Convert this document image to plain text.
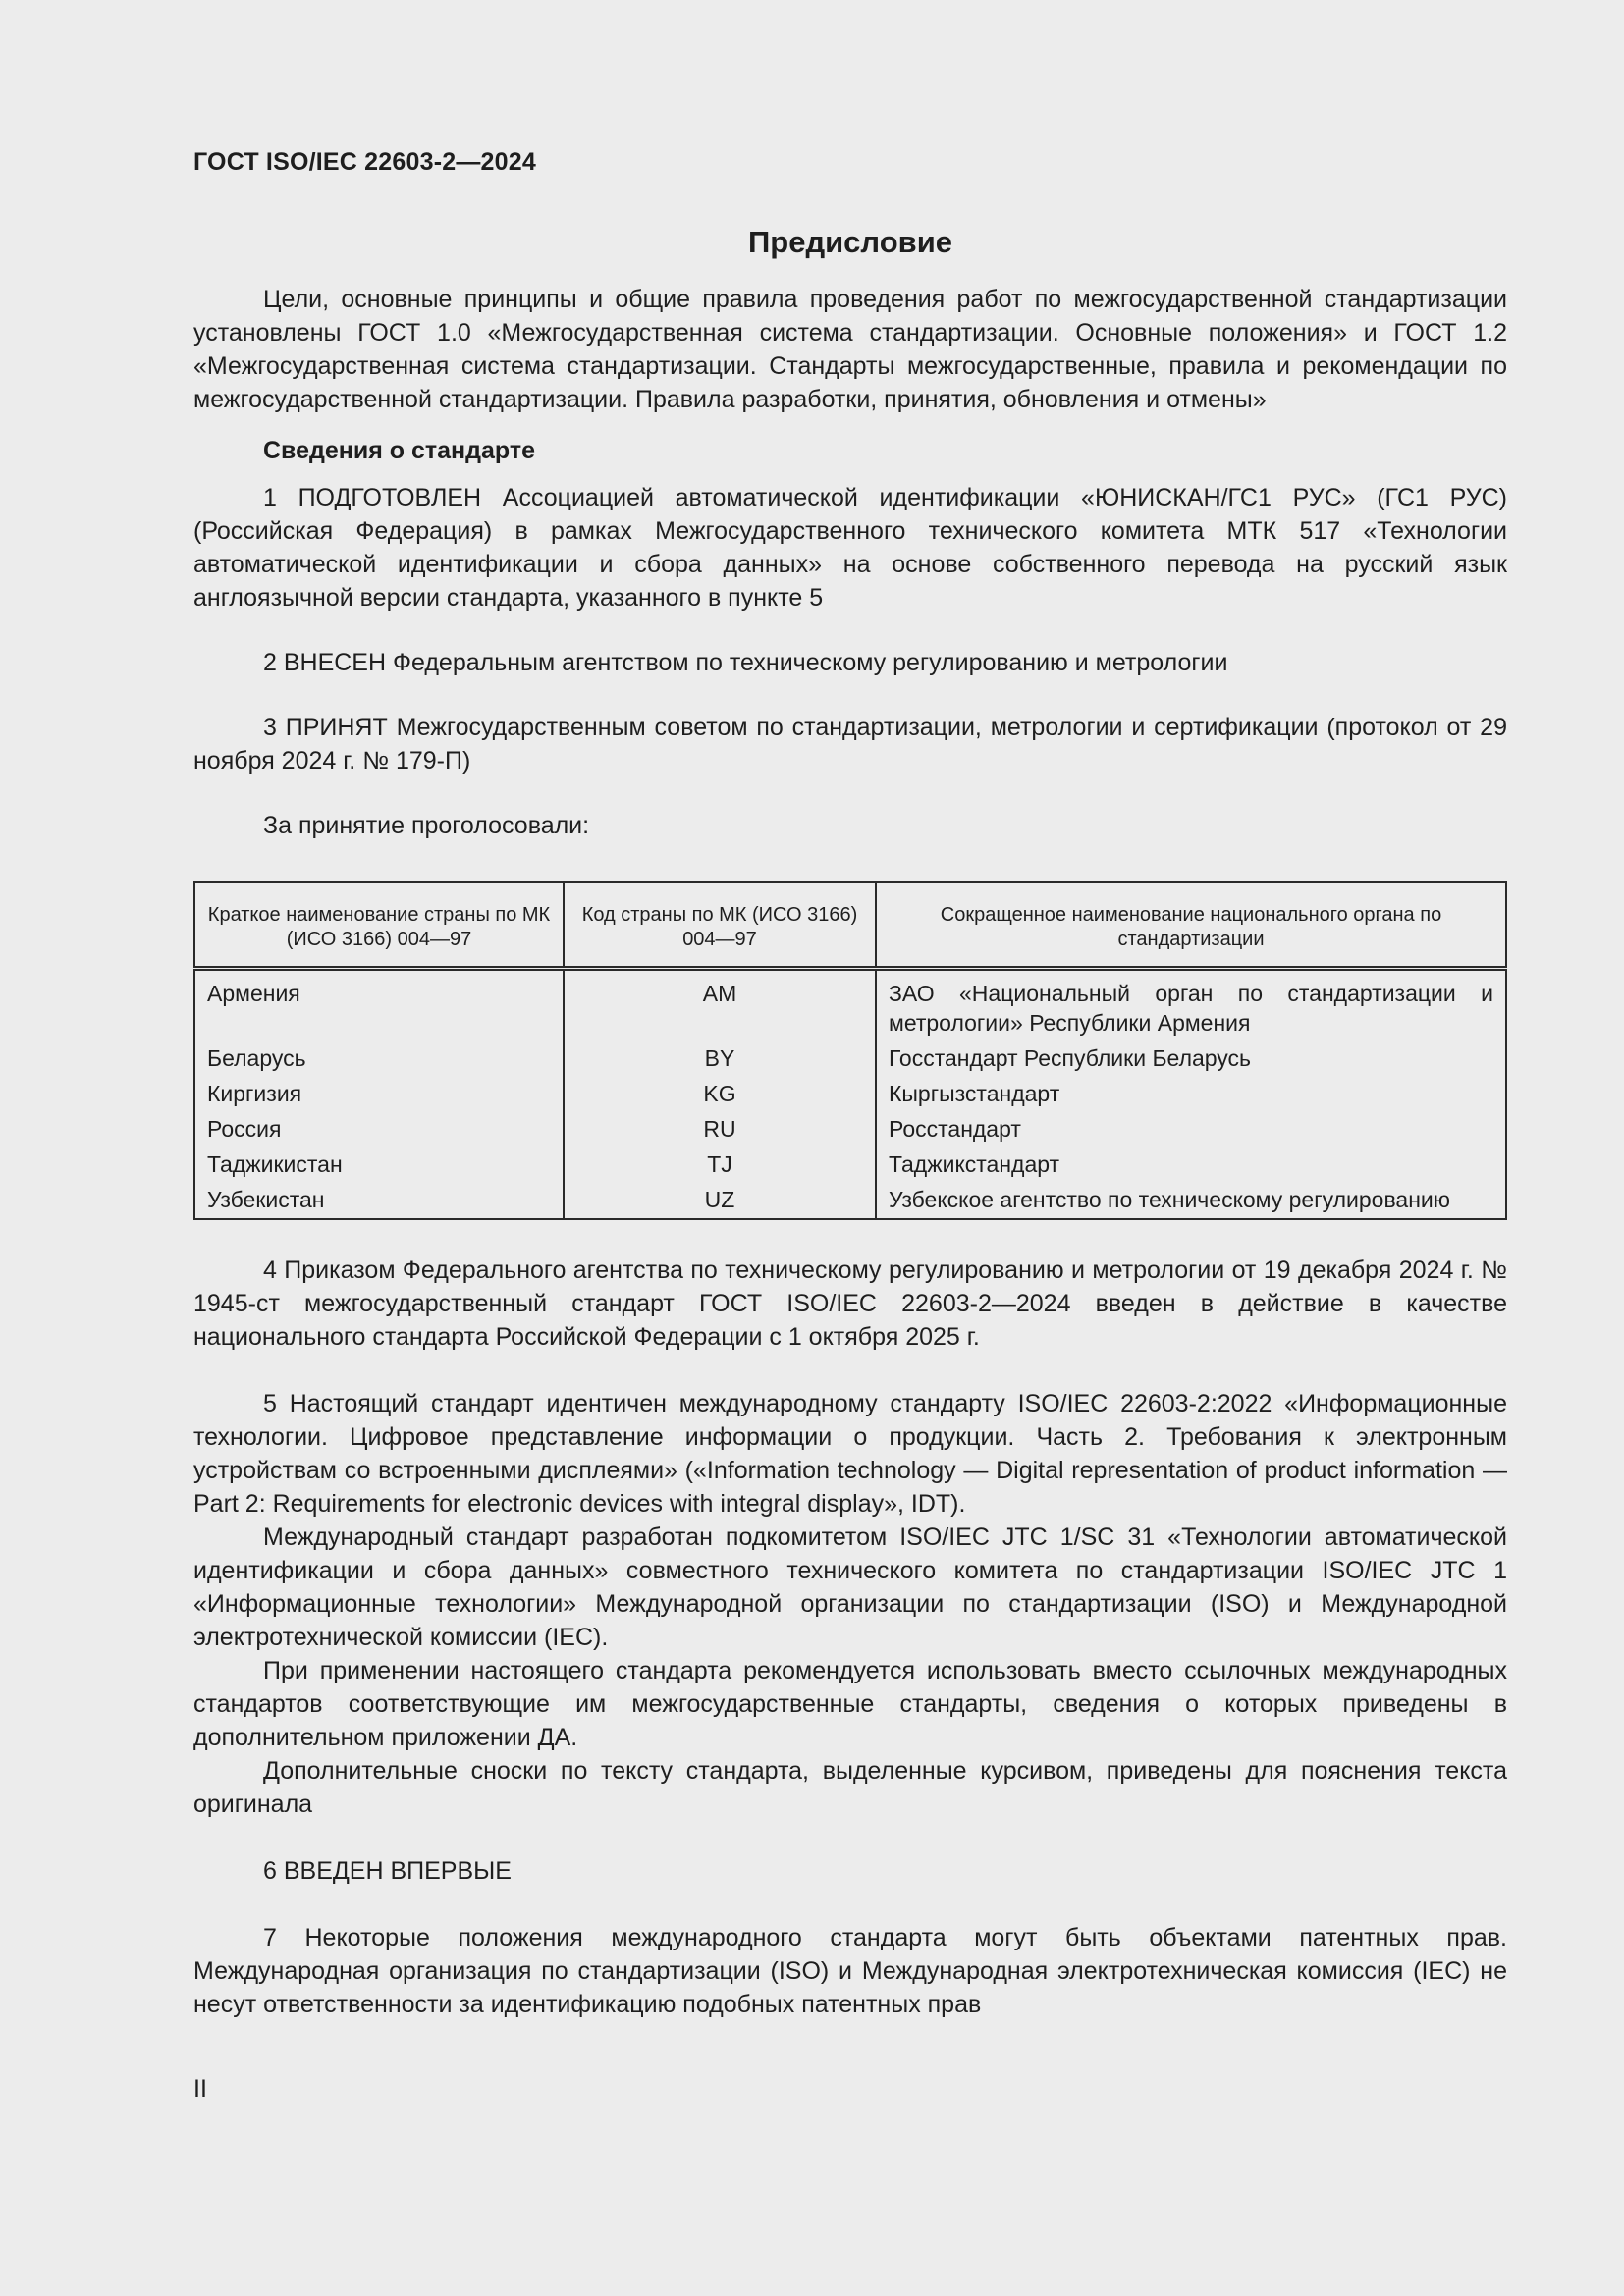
ГОСТ ISO/IEC 22603-2—2024
Предисловие

Цели, основные принципы и общие правила проведения работ по межгосударственной стандартизации установлены ГОСТ 1.0 «Межгосударственная система стандартизации. Основные положения» и ГОСТ 1.2 «Межгосударственная система стандартизации. Стандарты межгосударственные, правила и рекомендации по межгосударственной стандартизации. Правила разработки, принятия, обновления и отмены»

Сведения о стандарте

1 ПОДГОТОВЛЕН Ассоциацией автоматической идентификации «ЮНИСКАН/ГС1 РУС» (ГС1 РУС) (Российская Федерация) в рамках Межгосударственного технического комитета МТК 517 «Технологии автоматической идентификации и сбора данных» на основе собственного перевода на русский язык англоязычной версии стандарта, указанного в пункте 5

2 ВНЕСЕН Федеральным агентством по техническому регулированию и метрологии

3 ПРИНЯТ Межгосударственным советом по стандартизации, метрологии и сертификации (протокол от 29 ноября 2024 г. № 179-П)

За принятие проголосовали:

Краткое наименование страны по МК (ИСО 3166) 004—97	Код страны по МК (ИСО 3166) 004—97	Сокращенное наименование национального органа по стандартизации
Армения	AM	ЗАО «Национальный орган по стандартизации и метрологии» Республики Армения
Беларусь	BY	Госстандарт Республики Беларусь
Киргизия	KG	Кыргызстандарт
Россия	RU	Росстандарт
Таджикистан	TJ	Таджикстандарт
Узбекистан	UZ	Узбекское агентство по техническому регулированию

4 Приказом Федерального агентства по техническому регулированию и метрологии от 19 декабря 2024 г. № 1945-ст межгосударственный стандарт ГОСТ ISO/IEC 22603-2—2024 введен в действие в качестве национального стандарта Российской Федерации с 1 октября 2025 г.

5 Настоящий стандарт идентичен международному стандарту ISO/IEC 22603-2:2022 «Информационные технологии. Цифровое представление информации о продукции. Часть 2. Требования к электронным устройствам со встроенными дисплеями» («Information technology — Digital representation of product information — Part 2: Requirements for electronic devices with integral display», IDT).

Международный стандарт разработан подкомитетом ISO/IEC JTC 1/SC 31 «Технологии автоматической идентификации и сбора данных» совместного технического комитета по стандартизации ISO/IEC JTC 1 «Информационные технологии» Международной организации по стандартизации (ISO) и Международной электротехнической комиссии (IEC).

При применении настоящего стандарта рекомендуется использовать вместо ссылочных международных стандартов соответствующие им межгосударственные стандарты, сведения о которых приведены в дополнительном приложении ДА.

Дополнительные сноски по тексту стандарта, выделенные курсивом, приведены для пояснения текста оригинала

6 ВВЕДЕН ВПЕРВЫЕ

7 Некоторые положения международного стандарта могут быть объектами патентных прав. Международная организация по стандартизации (ISO) и Международная электротехническая комиссия (IEC) не несут ответственности за идентификацию подобных патентных прав

II
